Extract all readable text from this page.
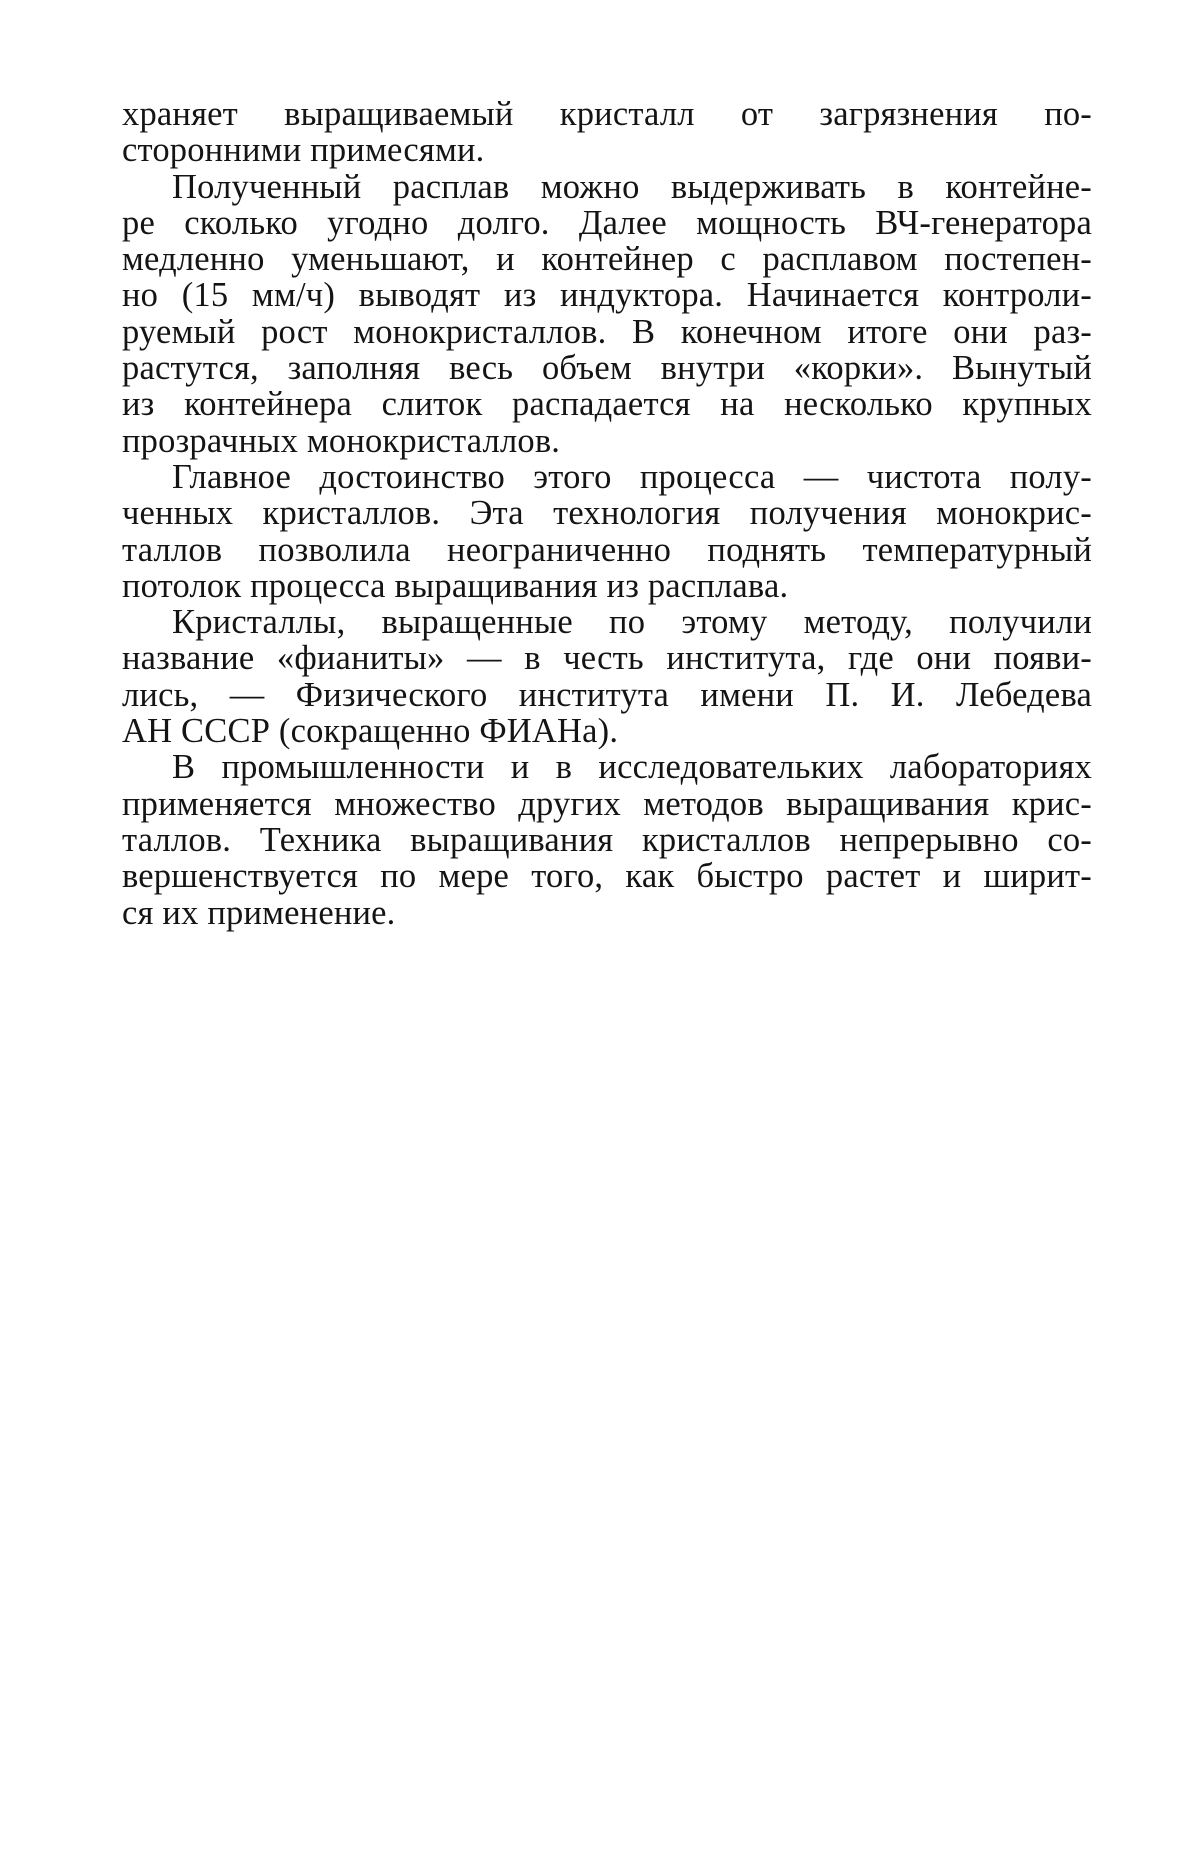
храняет выращиваемый кристалл от загрязнения по-
сторонними примесями.
Полученный расплав можно выдерживать в контейне-
ре сколько угодно долго. Далее мощность ВЧ-генератора
медленно уменьшают, и контейнер с расплавом постепен-
но (15 мм/ч) выводят из индуктора. Начинается контроли-
руемый рост монокристаллов. В конечном итоге они раз-
растутся, заполняя весь объем внутри «корки». Вынутый
из контейнера слиток распадается на несколько крупных
прозрачных монокристаллов.
Главное достоинство этого процесса — чистота полу-
ченных кристаллов. Эта технология получения монокрис-
таллов позволила неограниченно поднять температурный
потолок процесса выращивания из расплава.
Кристаллы, выращенные по этому методу, получили
название «фианиты» — в честь института, где они появи-
лись, — Физического института имени П. И. Лебедева
АН СССР (сокращенно ФИАНа).
В промышленности и в исследовательких лабораториях
применяется множество других методов выращивания крис-
таллов. Техника выращивания кристаллов непрерывно со-
вершенствуется по мере того, как быстро растет и ширит-
ся их применение.
